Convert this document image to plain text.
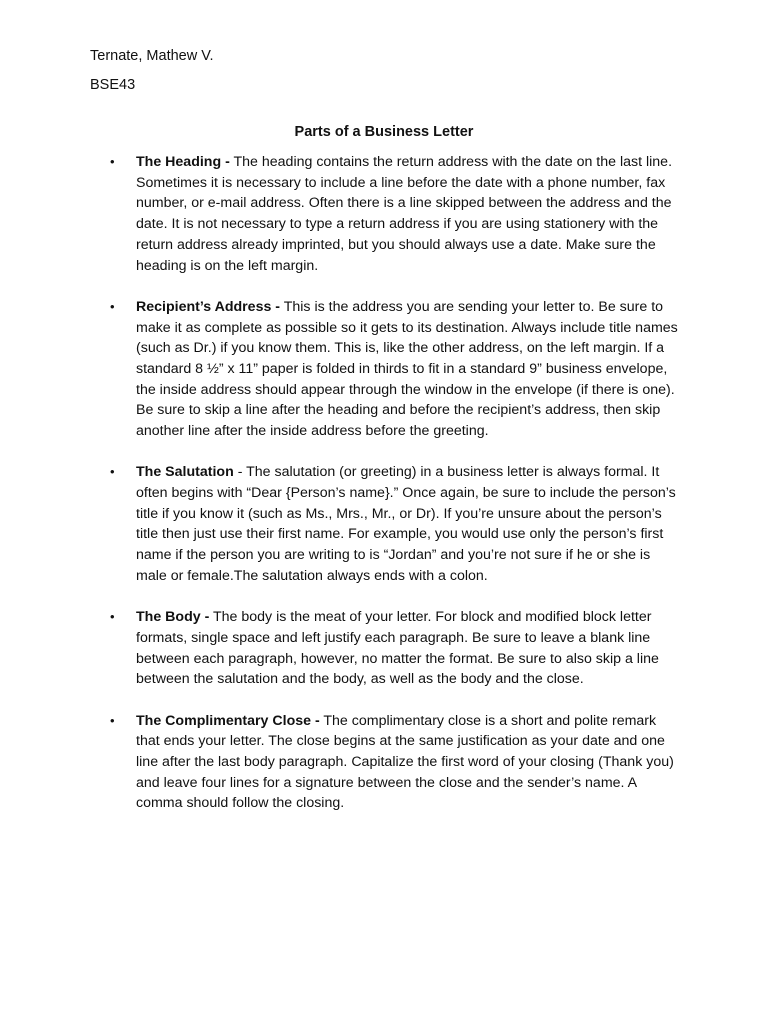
Ternate, Mathew V.
BSE43
Parts of a Business Letter
• The Heading - The heading contains the return address with the date on the last line. Sometimes it is necessary to include a line before the date with a phone number, fax number, or e-mail address. Often there is a line skipped between the address and the date. It is not necessary to type a return address if you are using stationery with the return address already imprinted, but you should always use a date. Make sure the heading is on the left margin.
• Recipient’s Address - This is the address you are sending your letter to. Be sure to make it as complete as possible so it gets to its destination. Always include title names (such as Dr.) if you know them. This is, like the other address, on the left margin. If a standard 8 ½” x 11” paper is folded in thirds to fit in a standard 9” business envelope, the inside address should appear through the window in the envelope (if there is one). Be sure to skip a line after the heading and before the recipient’s address, then skip another line after the inside address before the greeting.
• The Salutation - The salutation (or greeting) in a business letter is always formal. It often begins with “Dear {Person’s name}.” Once again, be sure to include the person’s title if you know it (such as Ms., Mrs., Mr., or Dr). If you’re unsure about the person’s title then just use their first name. For example, you would use only the person’s first name if the person you are writing to is “Jordan” and you’re not sure if he or she is male or female.The salutation always ends with a colon.
• The Body - The body is the meat of your letter. For block and modified block letter formats, single space and left justify each paragraph. Be sure to leave a blank line between each paragraph, however, no matter the format. Be sure to also skip a line between the salutation and the body, as well as the body and the close.
• The Complimentary Close - The complimentary close is a short and polite remark that ends your letter. The close begins at the same justification as your date and one line after the last body paragraph. Capitalize the first word of your closing (Thank you) and leave four lines for a signature between the close and the sender’s name. A comma should follow the closing.
